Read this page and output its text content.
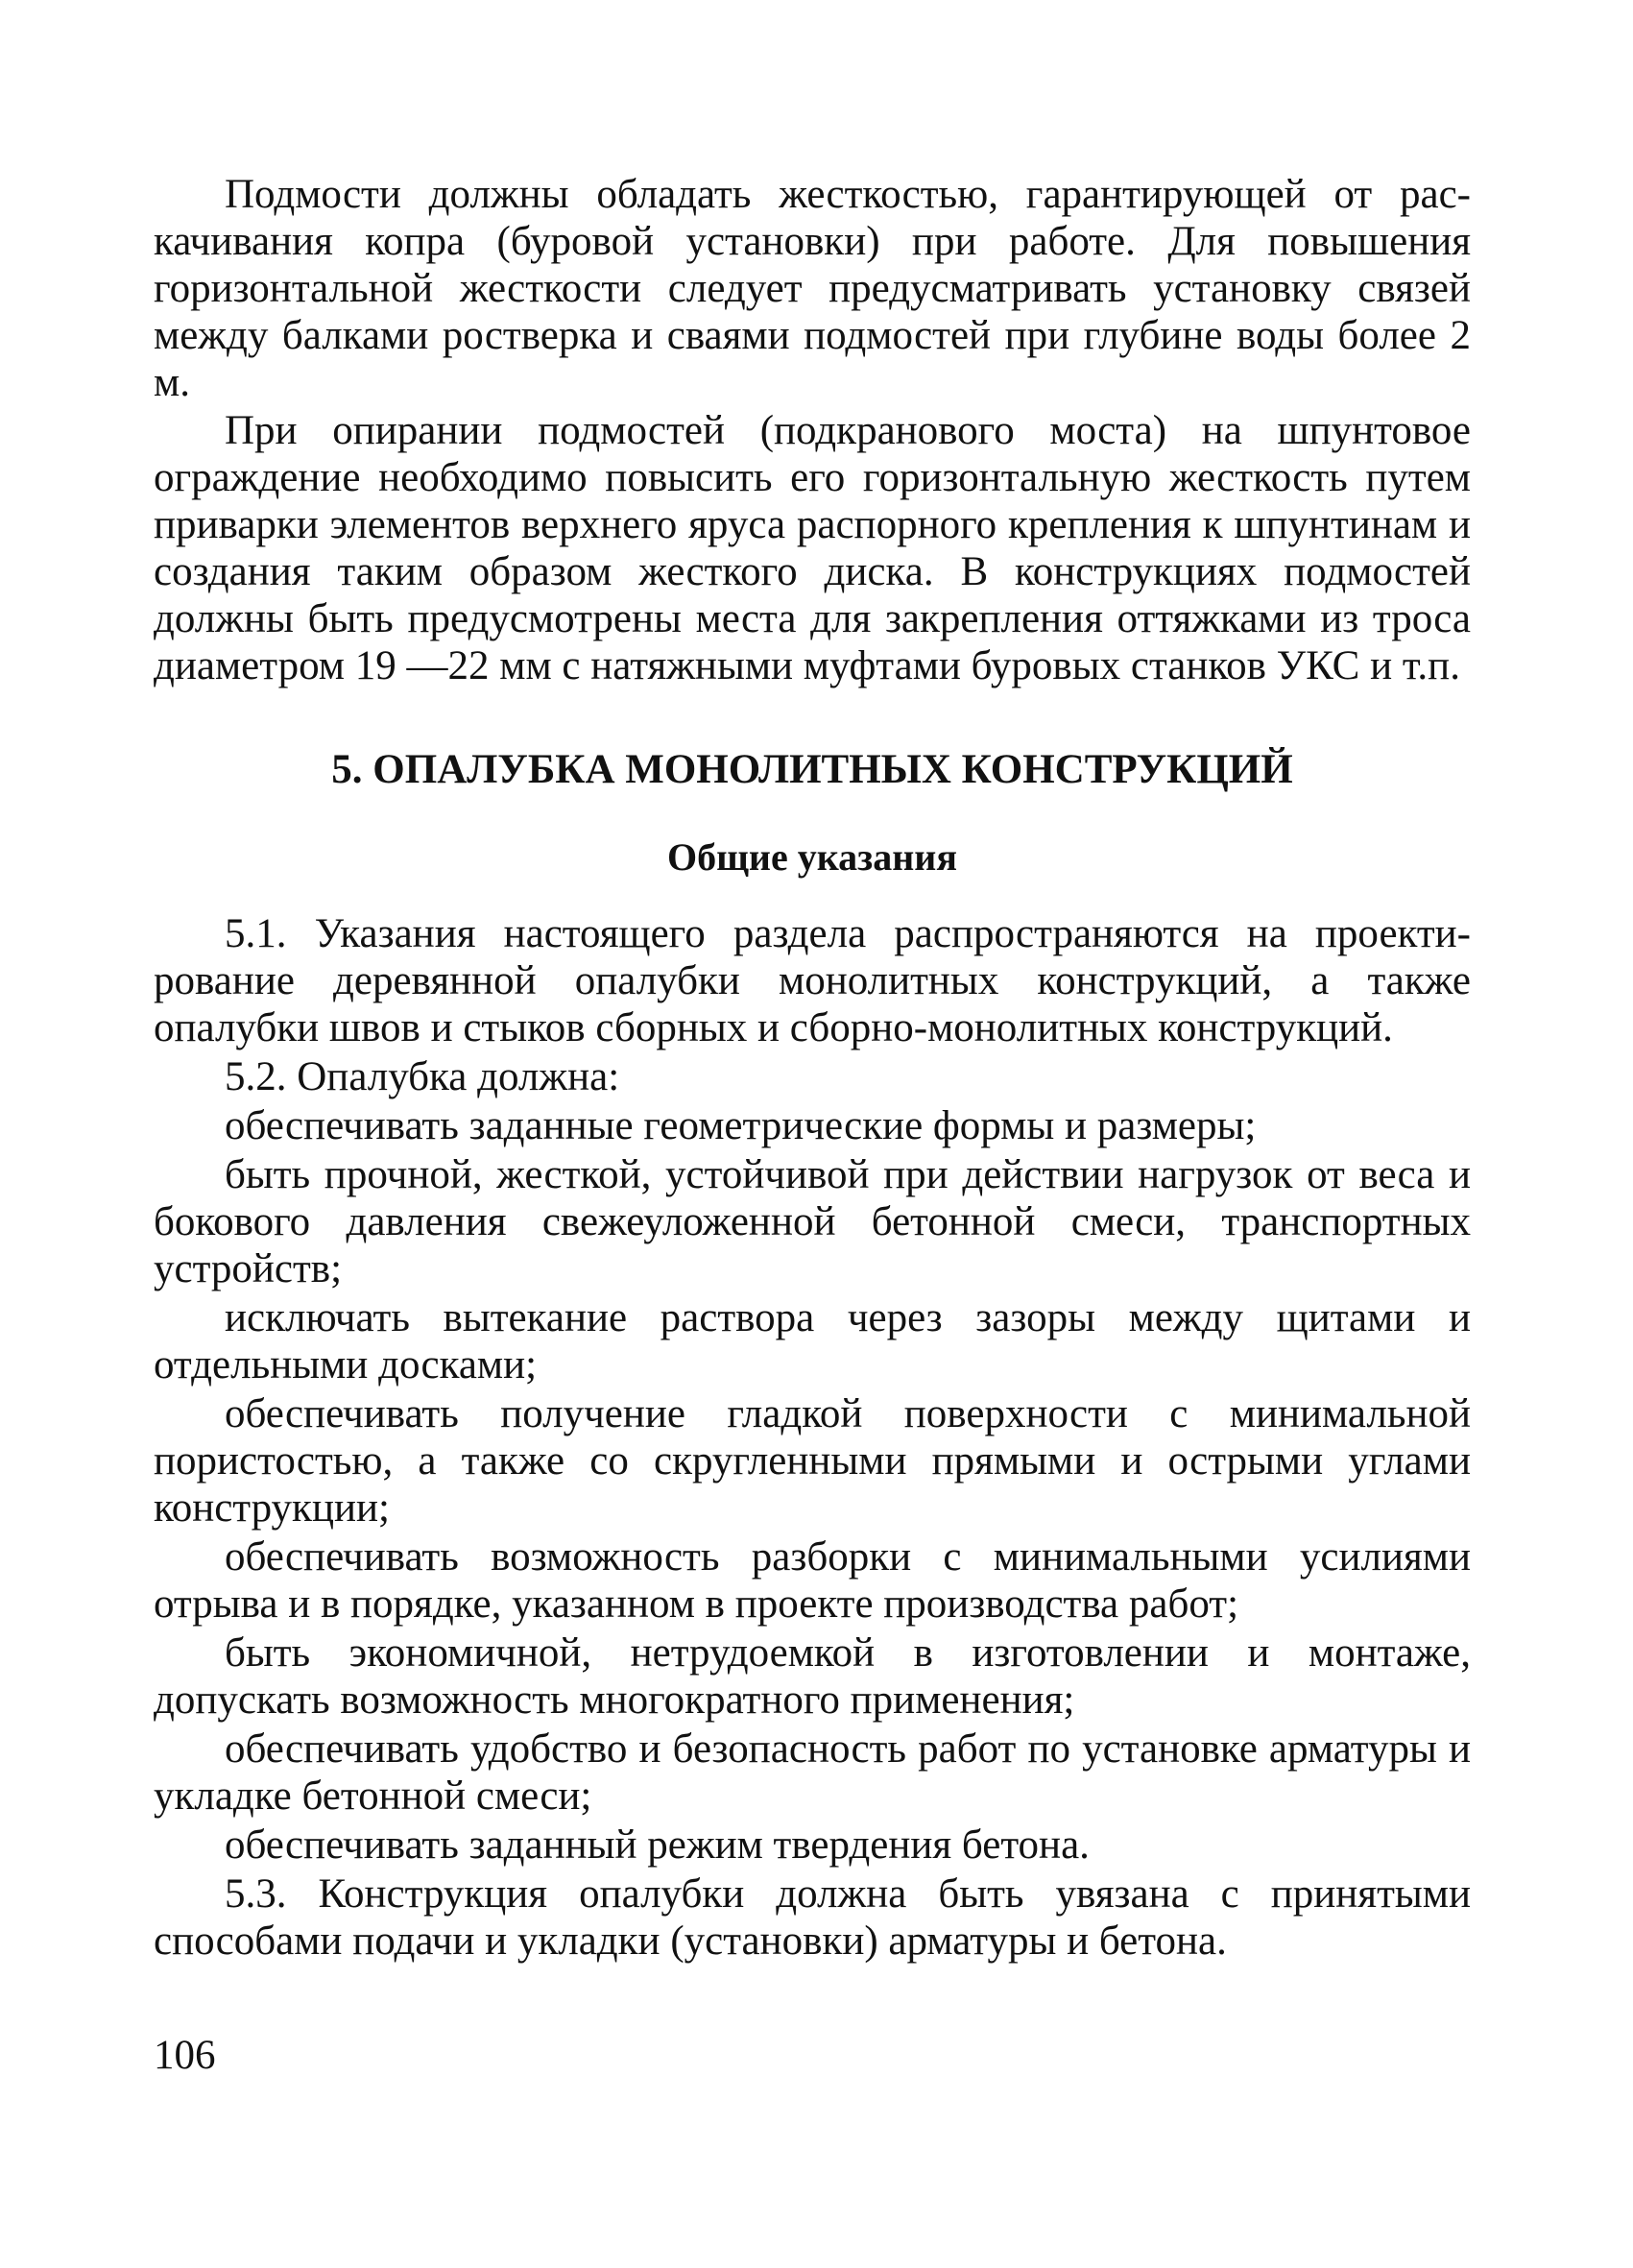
Подмости должны обладать жесткостью, гарантирующей от раскачивания копра (буровой установки) при работе. Для повышения горизонтальной жесткости следует предусматривать установку связей между балками ростверка и сваями подмостей при глубине воды более 2 м.

При опирании подмостей (подкранового моста) на шпунтовое ограждение необходимо повысить его горизонтальную жесткость путем приварки элементов верхнего яруса распорного крепления к шпунтинам и создания таким образом жесткого диска. В конструкциях подмостей должны быть предусмотрены места для закрепления оттяжками из троса диаметром 19 —22 мм с натяжными муфтами буровых станков УКС и т.п.

5. ОПАЛУБКА МОНОЛИТНЫХ КОНСТРУКЦИЙ
Общие указания

5.1. Указания настоящего раздела распространяются на проектирование деревянной опалубки монолитных конструкций, а также опалубки швов и стыков сборных и сборно-монолитных конструкций.

5.2. Опалубка должна:

обеспечивать заданные геометрические формы и размеры;

быть прочной, жесткой, устойчивой при действии нагрузок от веса и бокового давления свежеуложенной бетонной смеси, транспортных устройств;

исключать вытекание раствора через зазоры между щитами и отдельными досками;

обеспечивать получение гладкой поверхности с минимальной пористостью, а также со скругленными прямыми и острыми углами конструкции;

обеспечивать возможность разборки с минимальными усилиями отрыва и в порядке, указанном в проекте производства работ;

быть экономичной, нетрудоемкой в изготовлении и монтаже, допускать возможность многократного применения;

обеспечивать удобство и безопасность работ по установке арматуры и укладке бетонной смеси;

обеспечивать заданный режим твердения бетона.

5.3. Конструкция опалубки должна быть увязана с принятыми способами подачи и укладки (установки) арматуры и бетона.

106
